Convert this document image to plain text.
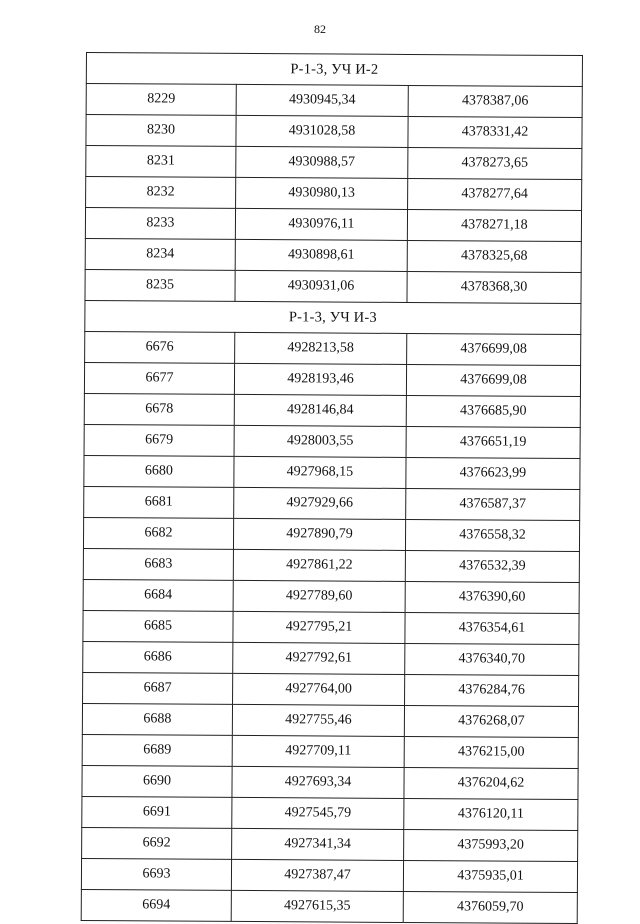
82
Р-1-3, УЧ И-2		
8229	4930945,34	4378387,06
8230	4931028,58	4378331,42
8231	4930988,57	4378273,65
8232	4930980,13	4378277,64
8233	4930976,11	4378271,18
8234	4930898,61	4378325,68
8235	4930931,06	4378368,30
Р-1-3, УЧ И-3		
6676	4928213,58	4376699,08
6677	4928193,46	4376699,08
6678	4928146,84	4376685,90
6679	4928003,55	4376651,19
6680	4927968,15	4376623,99
6681	4927929,66	4376587,37
6682	4927890,79	4376558,32
6683	4927861,22	4376532,39
6684	4927789,60	4376390,60
6685	4927795,21	4376354,61
6686	4927792,61	4376340,70
6687	4927764,00	4376284,76
6688	4927755,46	4376268,07
6689	4927709,11	4376215,00
6690	4927693,34	4376204,62
6691	4927545,79	4376120,11
6692	4927341,34	4375993,20
6693	4927387,47	4375935,01
6694	4927615,35	4376059,70
